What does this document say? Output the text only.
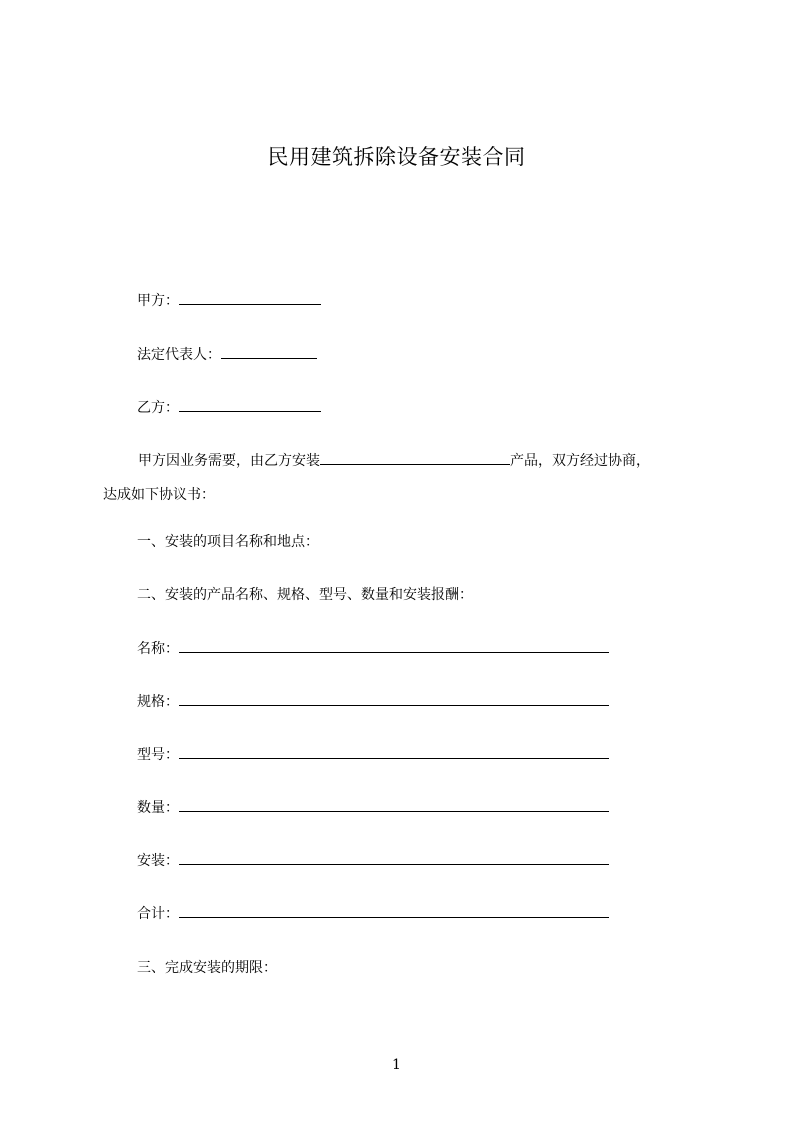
民用建筑拆除设备安装合同
甲方：
法定代表人：
乙方：
甲方因业务需要，由乙方安装	产品，双方经过协商，
达成如下协议书：
一、安装的项目名称和地点：
二、安装的产品名称、规格、型号、数量和安装报酬：
名称：
规格：
型号：
数量：
安装：
合计：
三、完成安装的期限：
1
